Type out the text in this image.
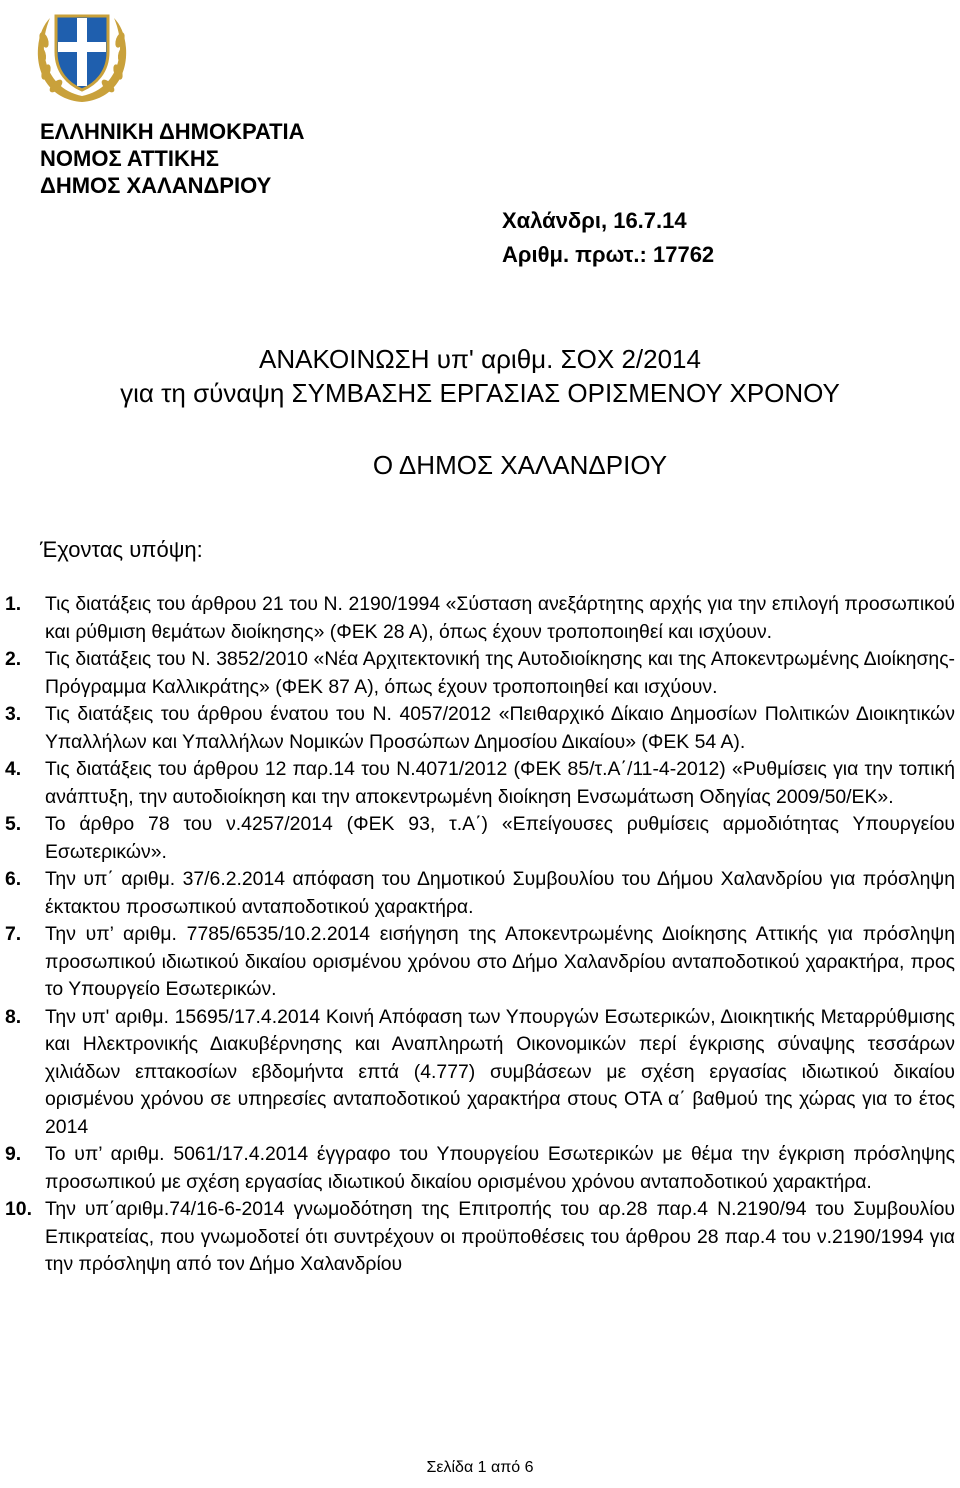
ΕΛΛΗΝΙΚΗ ΔΗΜΟΚΡΑΤΙΑ
ΝΟΜΟΣ ΑΤΤΙΚΗΣ
ΔΗΜΟΣ ΧΑΛΑΝΔΡΙΟΥ
Χαλάνδρι, 16.7.14
Αριθμ. πρωτ.: 17762
ΑΝΑΚΟΙΝΩΣΗ υπ' αριθμ. ΣΟΧ 2/2014
για τη σύναψη ΣΥΜΒΑΣΗΣ ΕΡΓΑΣΙΑΣ ΟΡΙΣΜΕΝΟΥ ΧΡΟΝΟΥ
Ο ΔΗΜΟΣ ΧΑΛΑΝΔΡΙΟΥ
Έχοντας υπόψη:
1.	Τις διατάξεις του άρθρου 21 του Ν. 2190/1994 «Σύσταση ανεξάρτητης αρχής για την επιλογή προσωπικού και ρύθμιση θεμάτων διοίκησης» (ΦΕΚ 28 Α), όπως έχουν τροποποιηθεί και ισχύουν.
2.	Τις διατάξεις του Ν. 3852/2010 «Νέα Αρχιτεκτονική της Αυτοδιοίκησης και της Αποκεντρωμένης Διοίκησης- Πρόγραμμα Καλλικράτης» (ΦΕΚ 87 Α), όπως έχουν τροποποιηθεί και ισχύουν.
3.	Τις διατάξεις του άρθρου ένατου του Ν. 4057/2012 «Πειθαρχικό Δίκαιο Δημοσίων Πολιτικών Διοικητικών Υπαλλήλων και Υπαλλήλων Νομικών Προσώπων Δημοσίου Δικαίου» (ΦΕΚ 54 Α).
4.	Τις διατάξεις του άρθρου 12 παρ.14 του Ν.4071/2012 (ΦΕΚ 85/τ.Α΄/11-4-2012) «Ρυθμίσεις για την τοπική ανάπτυξη, την αυτοδιοίκηση και την αποκεντρωμένη διοίκηση Ενσωμάτωση Οδηγίας 2009/50/ΕΚ».
5.	Το άρθρο 78 του ν.4257/2014 (ΦΕΚ 93, τ.Α΄) «Επείγουσες ρυθμίσεις αρμοδιότητας Υπουργείου Εσωτερικών».
6.	Την υπ΄ αριθμ. 37/6.2.2014 απόφαση του Δημοτικού Συμβουλίου του Δήμου Χαλανδρίου για πρόσληψη έκτακτου προσωπικού ανταποδοτικού χαρακτήρα.
7.	Την υπ’ αριθμ. 7785/6535/10.2.2014 εισήγηση της Αποκεντρωμένης Διοίκησης Αττικής για πρόσληψη προσωπικού ιδιωτικού δικαίου ορισμένου χρόνου στο Δήμο Χαλανδρίου ανταποδοτικού χαρακτήρα, προς το Υπουργείο Εσωτερικών.
8.	Την υπ' αριθμ. 15695/17.4.2014 Κοινή Απόφαση των Υπουργών Εσωτερικών, Διοικητικής Μεταρρύθμισης και Ηλεκτρονικής Διακυβέρνησης και Αναπληρωτή Οικονομικών περί έγκρισης σύναψης τεσσάρων χιλιάδων επτακοσίων εβδομήντα επτά (4.777) συμβάσεων με σχέση εργασίας ιδιωτικού δικαίου ορισμένου χρόνου σε υπηρεσίες ανταποδοτικού χαρακτήρα στους ΟΤΑ α΄ βαθμού της χώρας για το έτος 2014
9.	Το υπ’ αριθμ. 5061/17.4.2014 έγγραφο του Υπουργείου Εσωτερικών με θέμα την έγκριση πρόσληψης προσωπικού με σχέση εργασίας ιδιωτικού δικαίου ορισμένου χρόνου ανταποδοτικού χαρακτήρα.
10. Την υπ΄αριθμ.74/16-6-2014 γνωμοδότηση της Επιτροπής του αρ.28 παρ.4 Ν.2190/94 του Συμβουλίου Επικρατείας, που γνωμοδοτεί ότι συντρέχουν οι προϋποθέσεις του άρθρου 28 παρ.4 του ν.2190/1994 για την πρόσληψη από τον Δήμο Χαλανδρίου
Σελίδα 1 από 6
